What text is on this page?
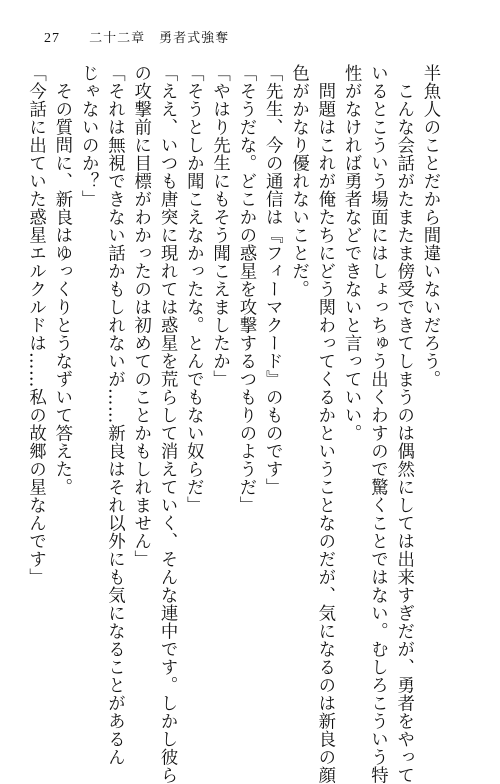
27 二十二章　勇者式強奪
半魚人のことだから間違いないだろう。
　こんな会話がたまたま傍受できてしまうのは偶然にしては出来すぎだが、勇者をやって
いるとこういう場面にはしょっちゅう出くわすので驚くことではない。むしろこういう特
性がなければ勇者などできないと言っていい。
　問題はこれが俺たちにどう関わってくるかということなのだが、気になるのは新良の顔
色がかなり優れないことだ。
「先生、今の通信は『フィーマクード』のものです」
「そうだな。どこかの惑星を攻撃するつもりのようだ」
「やはり先生にもそう聞こえましたか」
「そうとしか聞こえなかったな。とんでもない奴らだ」
「ええ、いつも唐突に現れては惑星を荒らして消えていく、そんな連中です。しかし彼ら
の攻撃前に目標がわかったのは初めてのことかもしれません」
「それは無視できない話かもしれないが……新良はそれ以外にも気になることがあるん
じゃないのか？」
　その質問に、新良はゆっくりとうなずいて答えた。
「今話に出ていた惑星エルクルドは……私の故郷の星なんです」
